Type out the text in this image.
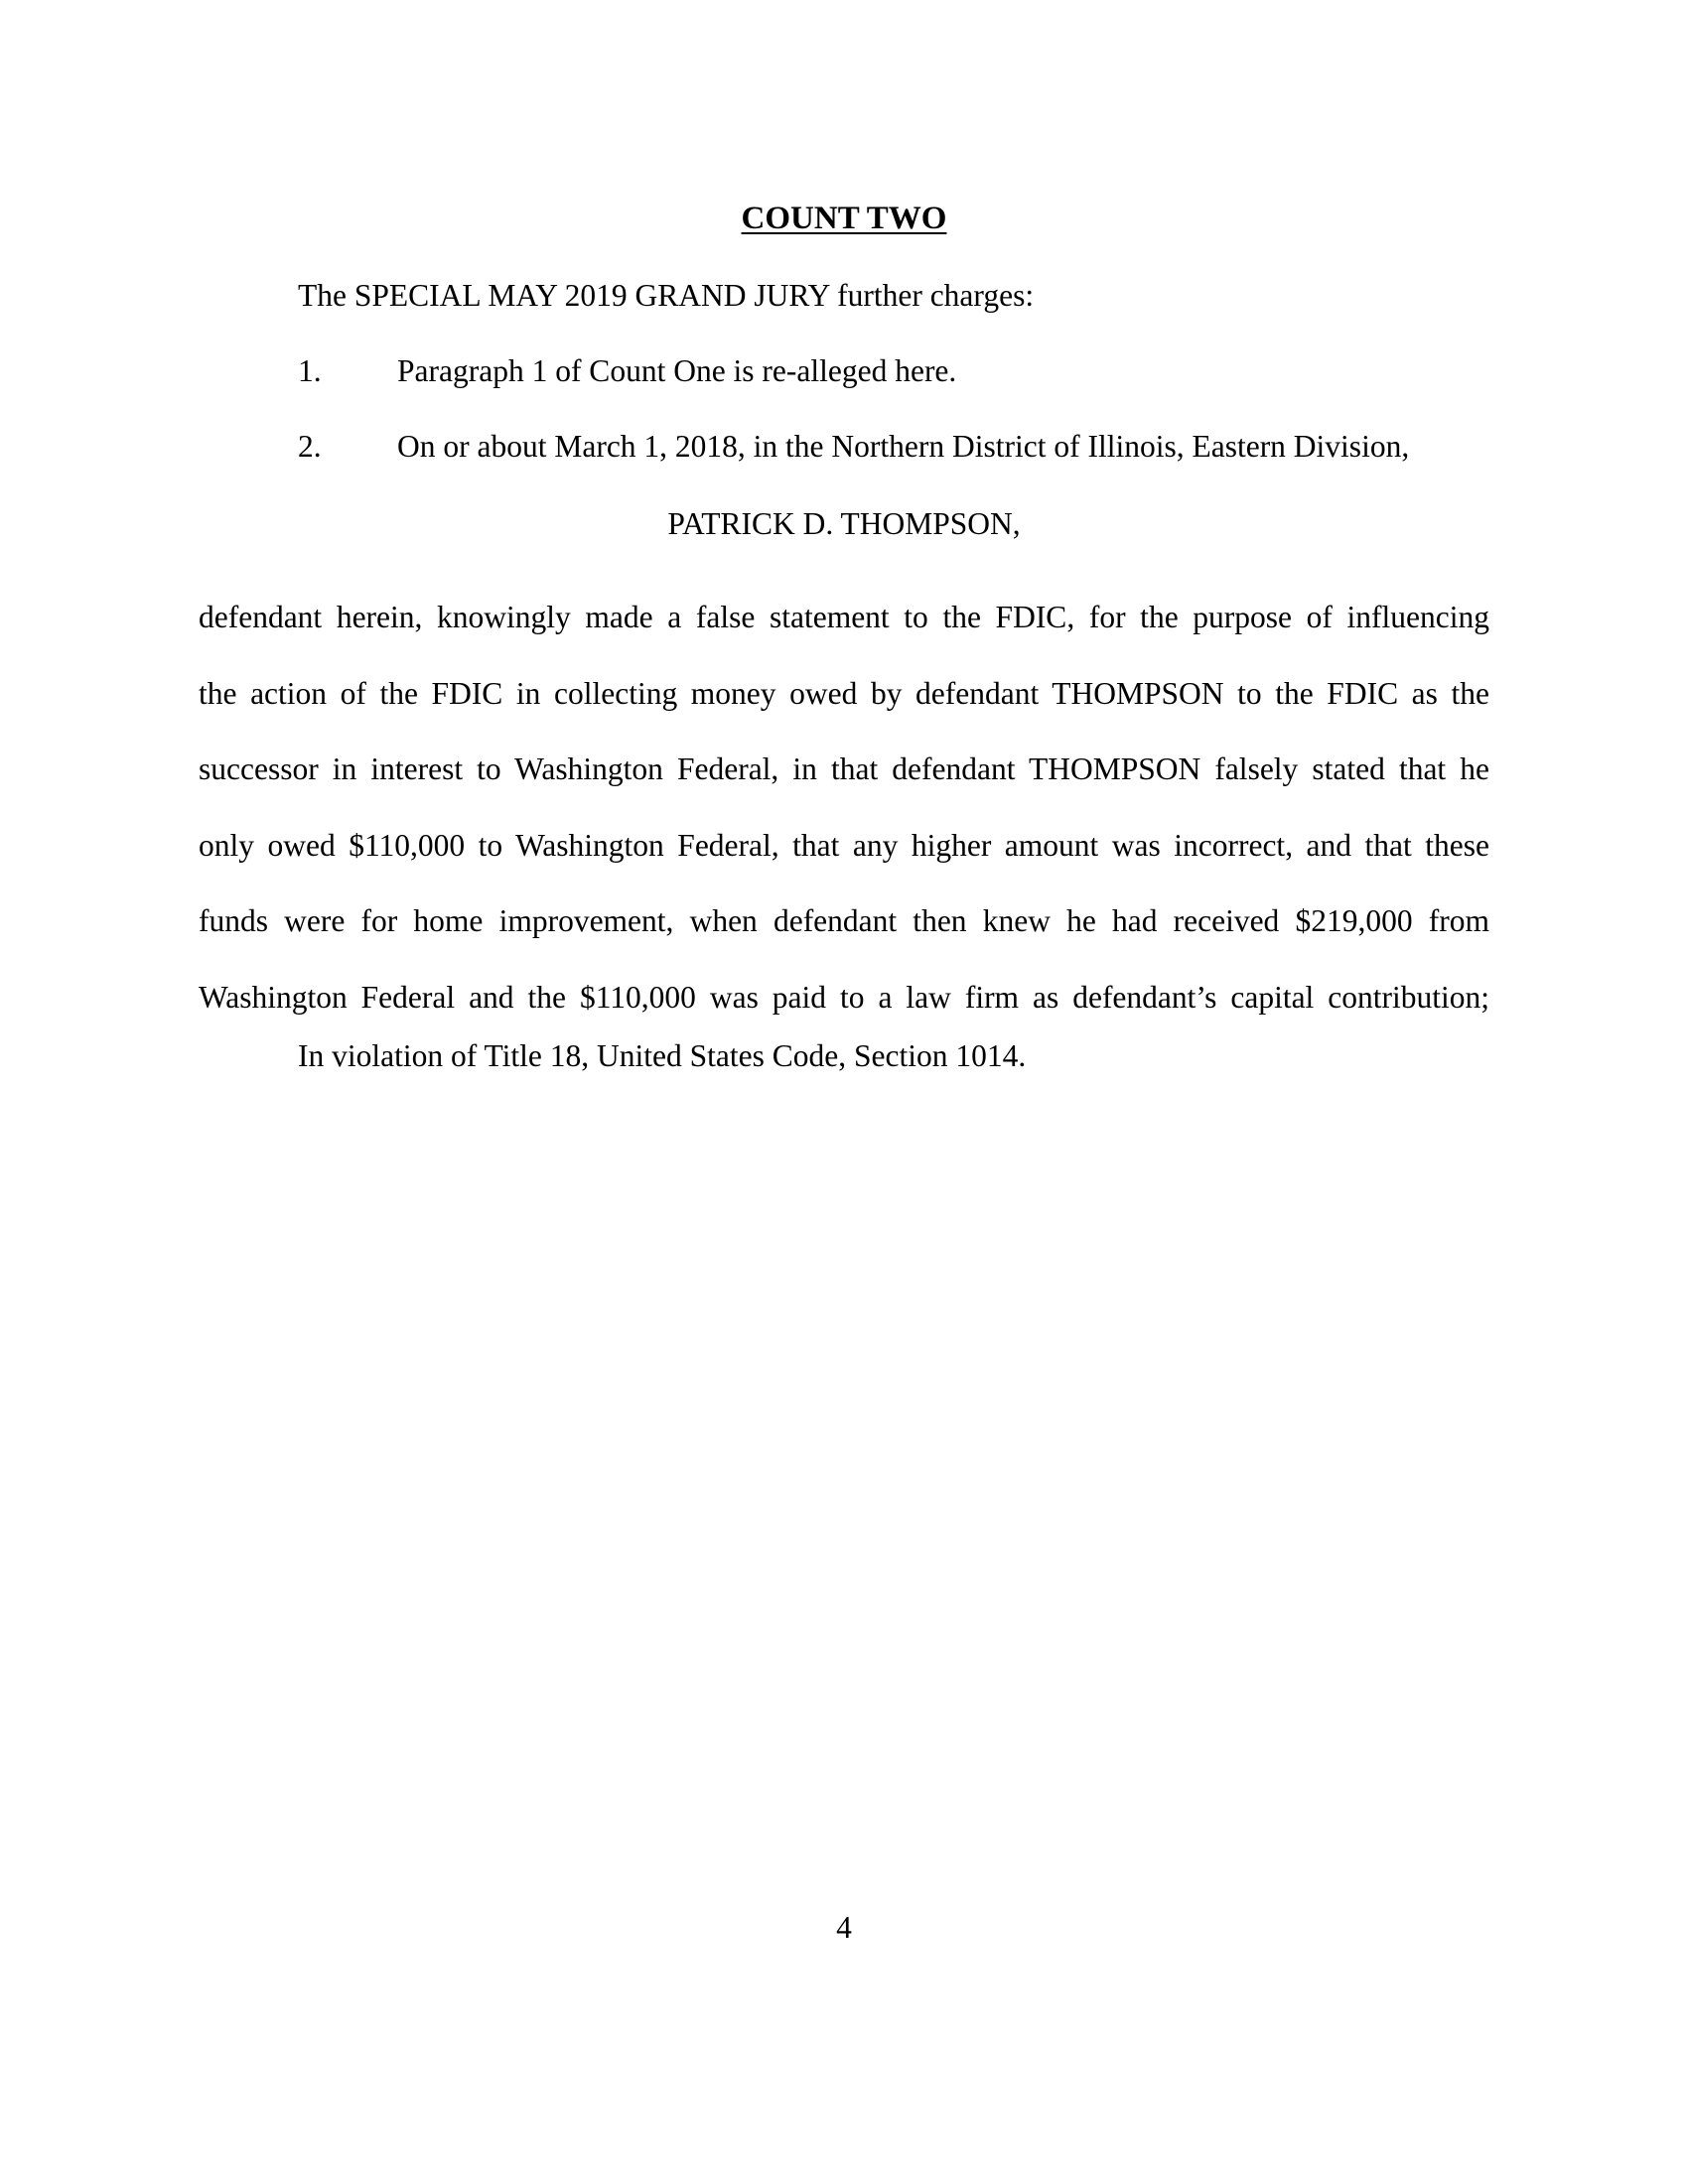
COUNT TWO
The SPECIAL MAY 2019 GRAND JURY further charges:
1. Paragraph 1 of Count One is re-alleged here.
2. On or about March 1, 2018, in the Northern District of Illinois, Eastern Division,
PATRICK D. THOMPSON,
defendant herein, knowingly made a false statement to the FDIC, for the purpose of influencing
the action of the FDIC in collecting money owed by defendant THOMPSON to the FDIC as the
successor in interest to Washington Federal, in that defendant THOMPSON falsely stated that he
only owed $110,000 to Washington Federal, that any higher amount was incorrect, and that these
funds were for home improvement, when defendant then knew he had received $219,000 from
Washington Federal and the $110,000 was paid to a law firm as defendant’s capital contribution;
In violation of Title 18, United States Code, Section 1014.
4
